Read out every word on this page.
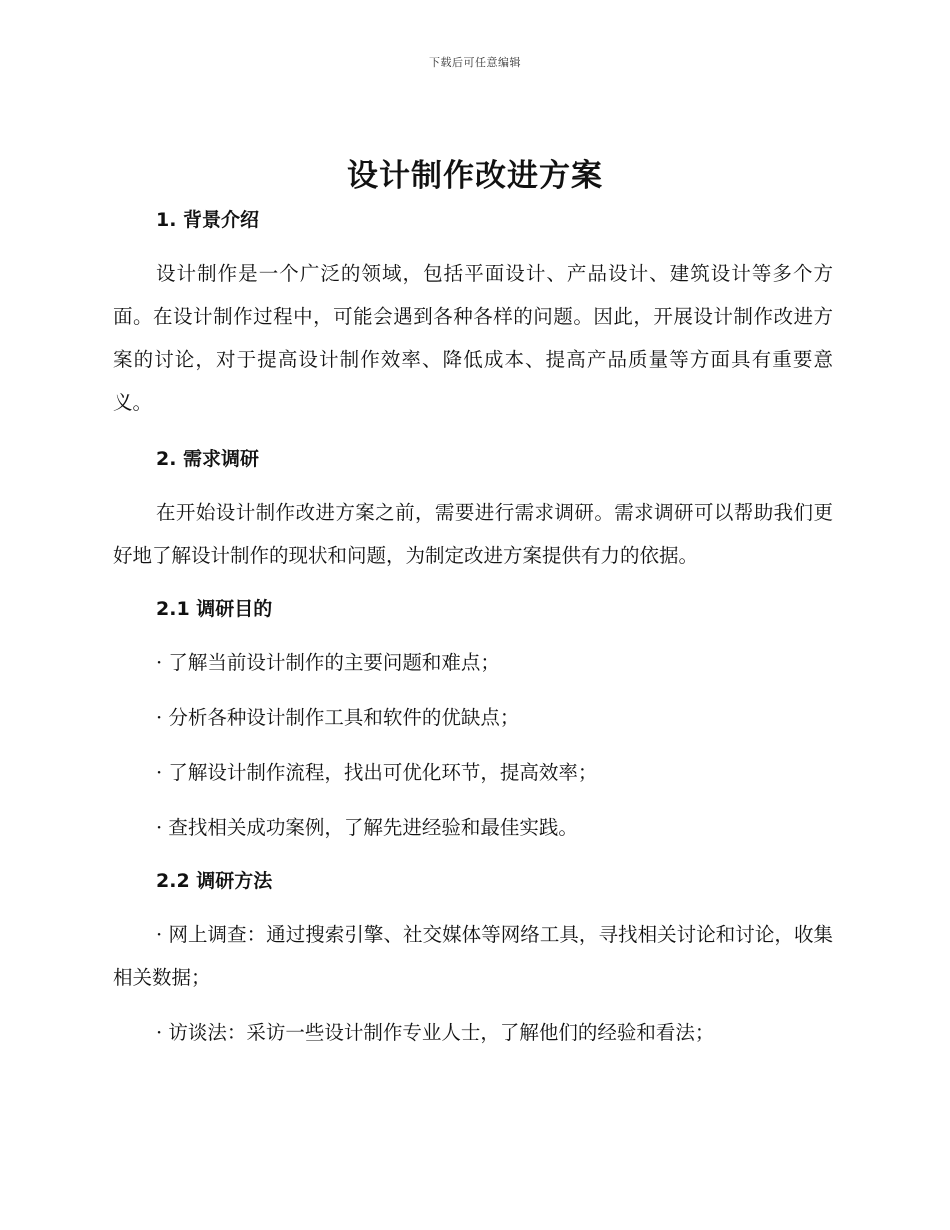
下载后可任意编辑
设计制作改进方案
1. 背景介绍

设计制作是一个广泛的领域，包括平面设计、产品设计、建筑设计等多个方面。在设计制作过程中，可能会遇到各种各样的问题。因此，开展设计制作改进方案的讨论，对于提高设计制作效率、降低成本、提高产品质量等方面具有重要意义。

2. 需求调研

在开始设计制作改进方案之前，需要进行需求调研。需求调研可以帮助我们更好地了解设计制作的现状和问题，为制定改进方案提供有力的依据。

2.1 调研目的

· 了解当前设计制作的主要问题和难点；

· 分析各种设计制作工具和软件的优缺点；

· 了解设计制作流程，找出可优化环节，提高效率；

· 查找相关成功案例，了解先进经验和最佳实践。

2.2 调研方法

· 网上调查：通过搜索引擎、社交媒体等网络工具，寻找相关讨论和讨论，收集相关数据；

· 访谈法：采访一些设计制作专业人士，了解他们的经验和看法；
